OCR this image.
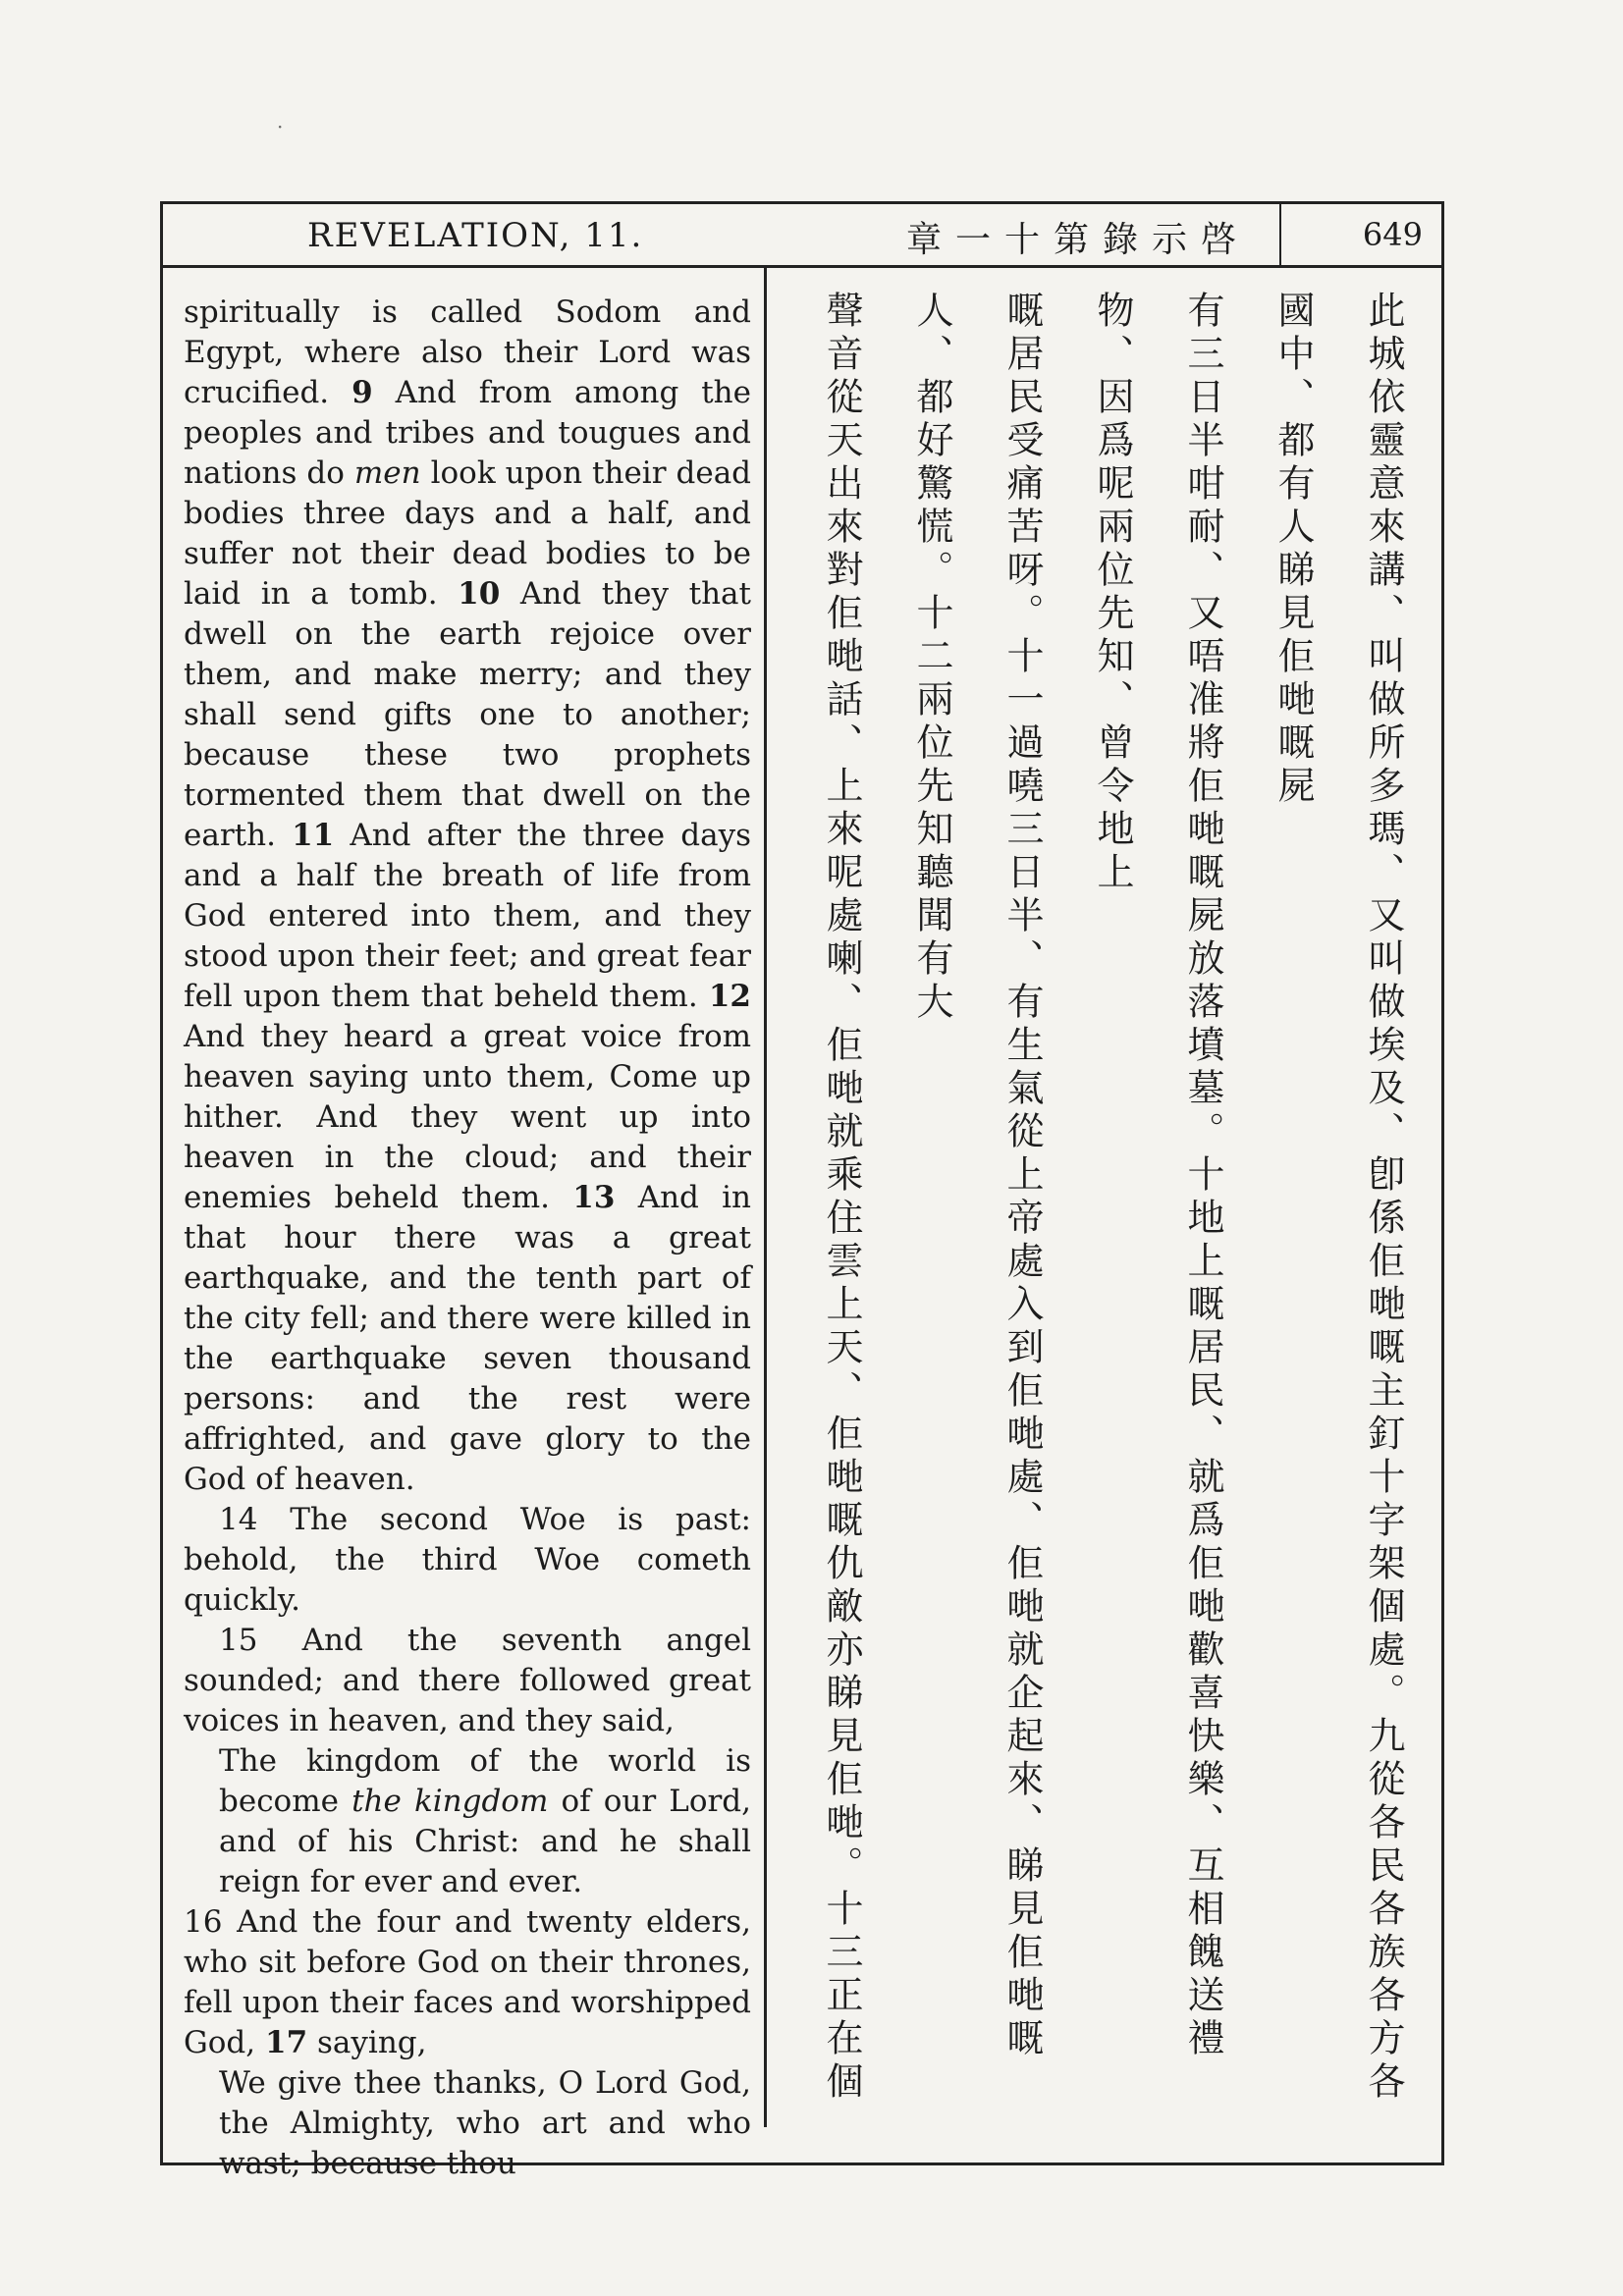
·
REVELATION, 11.	章一十第錄示啓	649

spiritually is called Sodom and Egypt, where also their Lord was crucified. 9 And from among the peoples and tribes and tougues and nations do men look upon their dead bodies three days and a half, and suffer not their dead bodies to be laid in a tomb. 10 And they that dwell on the earth rejoice over them, and make merry; and they shall send gifts one to another; because these two prophets tormented them that dwell on the earth. 11 And after the three days and a half the breath of life from God entered into them, and they stood upon their feet; and great fear fell upon them that beheld them. 12 And they heard a great voice from heaven saying unto them, Come up hither. And they went up into heaven in the cloud; and their enemies beheld them. 13 And in that hour there was a great earthquake, and the tenth part of the city fell; and there were killed in the earthquake seven thousand persons: and the rest were affrighted, and gave glory to the God of heaven.

14 The second Woe is past: behold, the third Woe cometh quickly.

15 And the seventh angel sounded; and there followed great voices in heaven, and they said,

The kingdom of the world is become the kingdom of our Lord, and of his Christ: and he shall reign for ever and ever.

16 And the four and twenty elders, who sit before God on their thrones, fell upon their faces and worshipped God, 17 saying,

We give thee thanks, O Lord God, the Almighty, who art and who wast; because thou

此城依靈意來講、叫做所多瑪、又叫做埃及、卽係佢哋嘅主釘十字架個處。九從各民各族各方各國中、都有人睇見佢哋嘅屍
有三日半咁耐、又唔准將佢哋嘅屍放落墳墓。十地上嘅居民、就爲佢哋歡喜快樂、互相餽送禮物、因爲呢兩位先知、曾令地上
嘅居民受痛苦呀。十一過嘵三日半、有生氣從上帝處入到佢哋處、佢哋就企起來、睇見佢哋嘅人、都好驚慌。十二兩位先知聽聞有大
聲音從天出來對佢哋話、上來呢處喇、佢哋就乘住雲上天、佢哋嘅仇敵亦睇見佢哋。十三正在個
